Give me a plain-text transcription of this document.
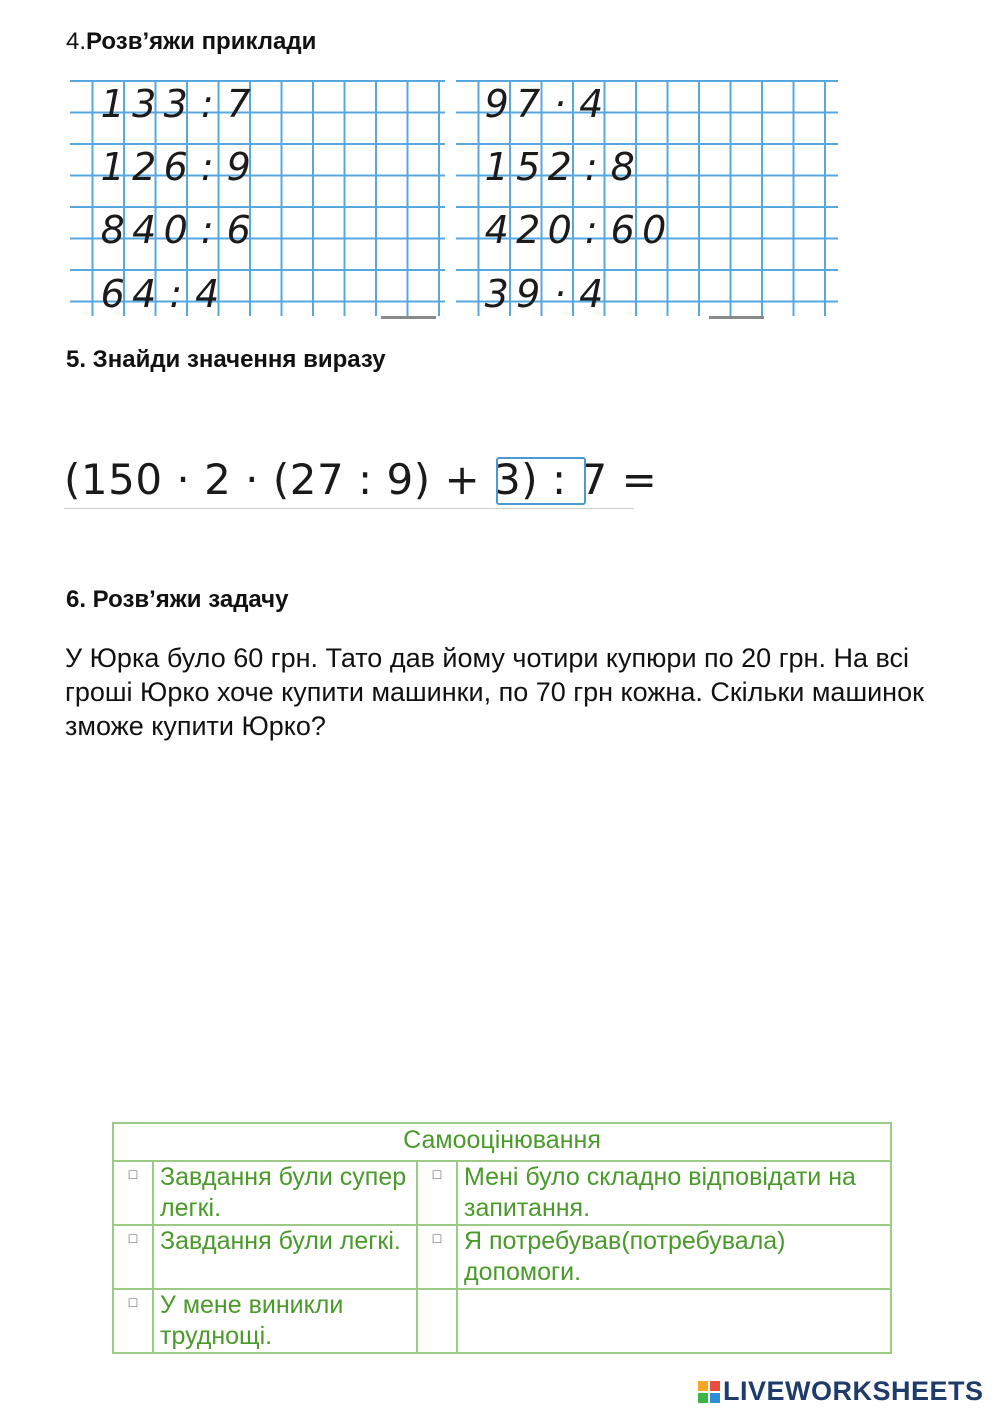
4.Розв’яжи приклади
1 3 3 : 7
1 2 6 : 9
8 4 0 : 6
6 4 : 4
9 7 · 4
1 5 2 : 8
4 2 0 : 6 0
3 9 · 4
5. Знайди значення виразу
(150 · 2 · (27 : 9) + 3) : 7 =
6. Розв’яжи задачу
У Юрка було 60 грн. Тато дав йому чотири купюри по 20 грн. На всі гроші Юрко хоче купити машинки, по 70 грн кожна. Скільки машинок зможе купити Юрко?
Самооцінювання			
□	Завдання були супер легкі.	□	Мені було складно відповідати на запитання.
□	Завдання були легкі.	□	Я потребував(потребувала) допомоги.
□	У мене виникли труднощі.		
LIVEWORKSHEETS
